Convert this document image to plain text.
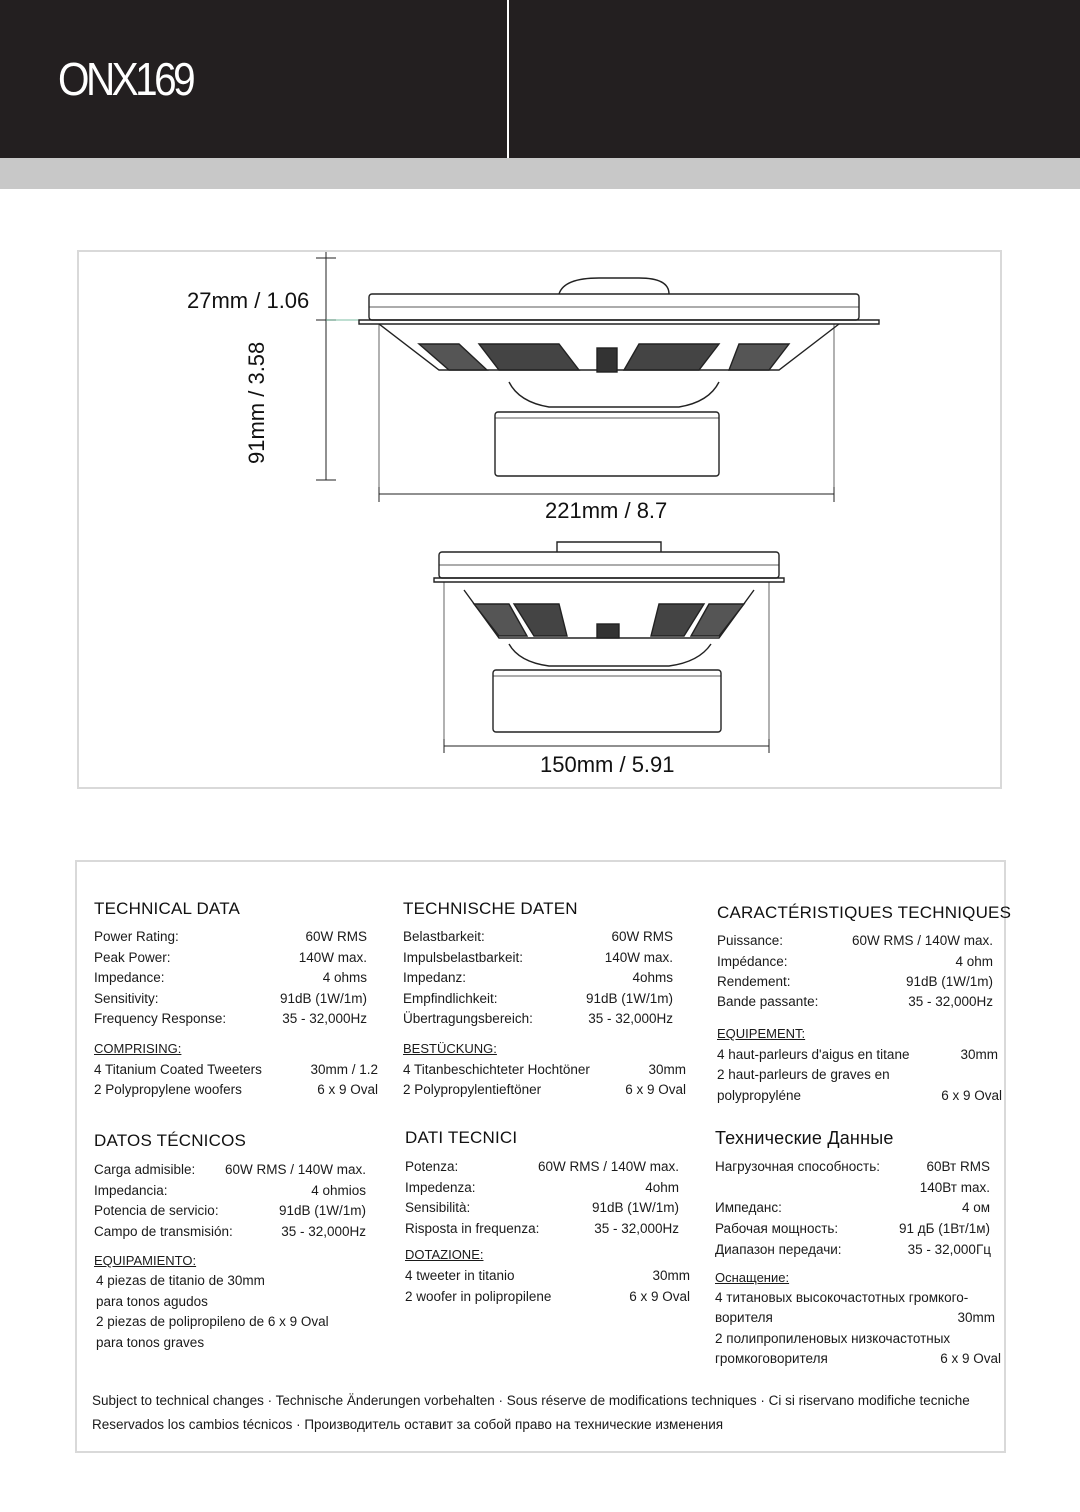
ONX169
27mm / 1.06
91mm / 3.58
221mm / 8.7
150mm / 5.91
TECHNICAL DATA
Power Rating:	60W RMS
Peak Power:	140W max.
Impedance:	4 ohms
Sensitivity:	91dB (1W/1m)
Frequency Response:	35 - 32,000Hz
COMPRISING:
4 Titanium Coated Tweeters	30mm / 1.2
2 Polypropylene woofers	6 x 9 Oval
TECHNISCHE DATEN
Belastbarkeit:	60W RMS
Impulsbelastbarkeit:	140W max.
Impedanz:	4ohms
Empfindlichkeit:	91dB (1W/1m)
Übertragungsbereich:	35 - 32,000Hz
BESTÜCKUNG:
4 Titanbeschichteter Hochtöner	30mm
2 Polypropylentieftöner	6 x 9 Oval
CARACTÉRISTIQUES TECHNIQUES
Puissance:	60W RMS / 140W max.
Impédance:	4 ohm
Rendement:	91dB (1W/1m)
Bande passante:	35 - 32,000Hz
EQUIPEMENT:
4 haut-parleurs d'aigus en titane	30mm
2 haut-parleurs de graves en
polypropyléne	6 x 9 Oval
DATOS TÉCNICOS
Carga admisible: 60W RMS / 140W max.
Impedancia:	4 ohmios
Potencia de servicio:	91dB (1W/1m)
Campo de transmisión:	35 - 32,000Hz
EQUIPAMIENTO:
4 piezas de titanio de 30mm
para tonos agudos
2 piezas de polipropileno de 6 x 9 Oval
para tonos graves
DATI TECNICI
Potenza:	60W RMS / 140W max.
Impedenza:	4ohm
Sensibilità:	91dB (1W/1m)
Risposta in frequenza:	35 - 32,000Hz
DOTAZIONE:
4 tweeter in titanio	30mm
2 woofer in polipropilene	6 x 9 Oval
Технические Данные
Нагрузочная способность:	60Вт RMS
140Вт max.
Импеданс:	4 ом
Рабочая мощность:	91 дБ (1Вт/1м)
Диапазон передачи:	35 - 32,000Гц
Оснащение:
4 титановых высокочастотных громкого-
ворителя	30mm
2 полипропиленовых низкочастотных
громкоговорителя	6 x 9 Oval
Subject to technical changes · Technische Änderungen vorbehalten · Sous réserve de modifications techniques · Ci si riservano modifiche tecniche
Reservados los cambios técnicos · Производитель оставит за собой право на технические изменения
